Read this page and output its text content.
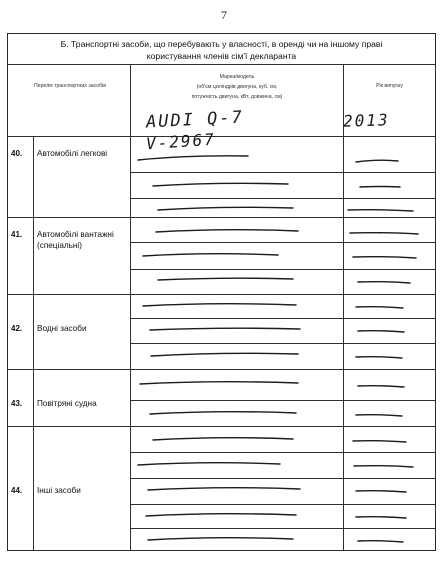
7
Б. Транспортні засоби, що перебувають у власності, в оренді чи на іншому праві
користування членів сім'ї декларанта
Перелік транспортних засобів
Марка/модель
(об'єм циліндрів двигуна, куб. см,
потужність двигуна, кВт, довжина, см)
Рік випуску
40. Автомобілі легкові
41. Автомобілі вантажні
(спеціальні)
42. Водні засоби
43. Повітряні судна
44. Інші засоби
AUDI Q-7	2013
V-2967
